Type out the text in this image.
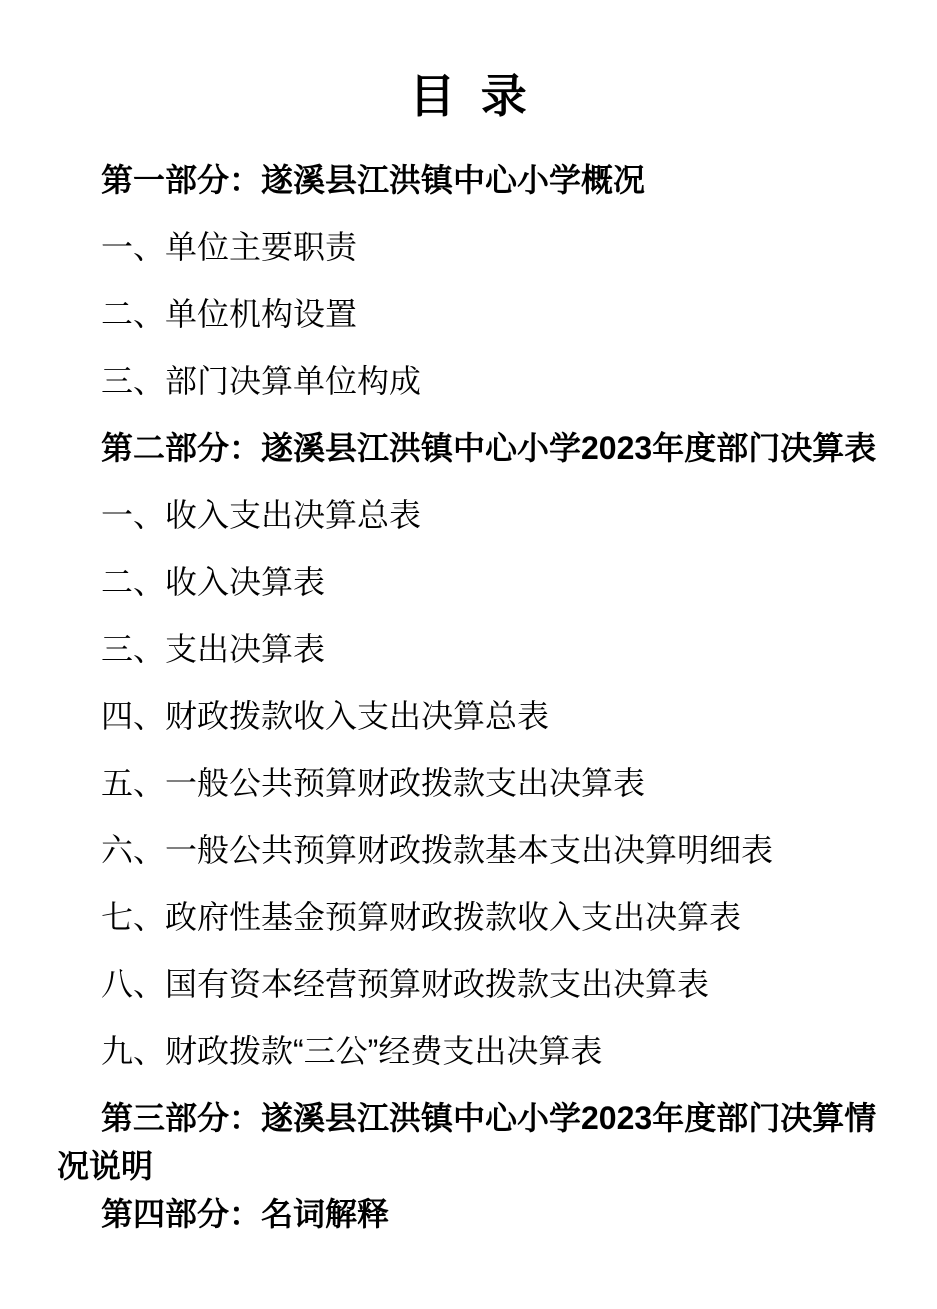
目  录

第一部分：遂溪县江洪镇中心小学概况

一、单位主要职责

二、单位机构设置

三、部门决算单位构成

第二部分：遂溪县江洪镇中心小学2023年度部门决算表

一、收入支出决算总表

二、收入决算表

三、支出决算表

四、财政拨款收入支出决算总表

五、一般公共预算财政拨款支出决算表

六、一般公共预算财政拨款基本支出决算明细表

七、政府性基金预算财政拨款收入支出决算表

八、国有资本经营预算财政拨款支出决算表

九、财政拨款“三公”经费支出决算表

第三部分：遂溪县江洪镇中心小学2023年度部门决算情况说明

第四部分：名词解释
